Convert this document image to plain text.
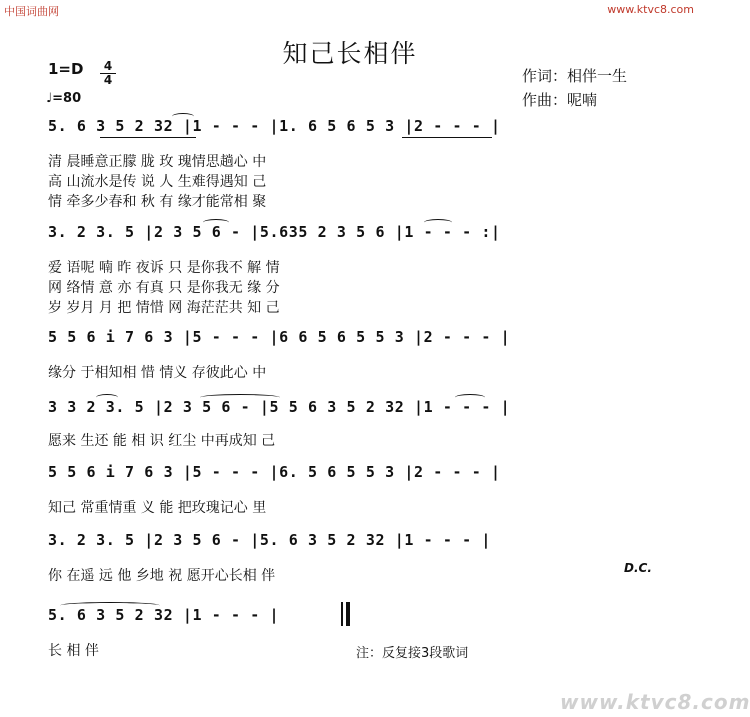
中国词曲网	www.ktvc8.com
知己长相伴
1=D	4
4
♩=80
作词：相伴一生
作曲：呢喃
5. 6 3 5 2 32 |1 - - - |1. 6 5 6 5 3 |2 - - - |
清 晨睡意正朦 胧 玫 瑰情思趟心 中
高 山流水是传 说 人 生难得遇知 己
情 牵多少春和 秋 有 缘才能常相 聚
3. 2 3. 5 |2 3 5 6 - |5.635 2 3 5 6 |1 - - - :|
爱 语呢 喃 昨 夜诉 只 是你我不 解 情
网 络情 意 亦 有真 只 是你我无 缘 分
岁 岁月 月 把 情惜 网 海茫茫共 知 己
5 5 6 i 7 6 3 |5 - - - |6 6 5 6 5 5 3 |2 - - - |
缘分 于相知相 惜 情义 存彼此心 中
3 3 2 3. 5 |2 3 5 6 - |5 5 6 3 5 2 32 |1 - - - |
愿来 生还 能 相 识 红尘 中再成知 己
5 5 6 i 7 6 3 |5 - - - |6. 5 6 5 5 3 |2 - - - |
知己 常重情重 义 能 把玫瑰记心 里
3. 2 3. 5 |2 3 5 6 - |5. 6 3 5 2 32 |1 - - - |
你 在遥 远 他 乡地 祝 愿开心长相 伴	D.C.
5. 6 3 5 2 32 |1 - - - |
长 相 伴	注：反复接3段歌词
www.ktvc8.com
